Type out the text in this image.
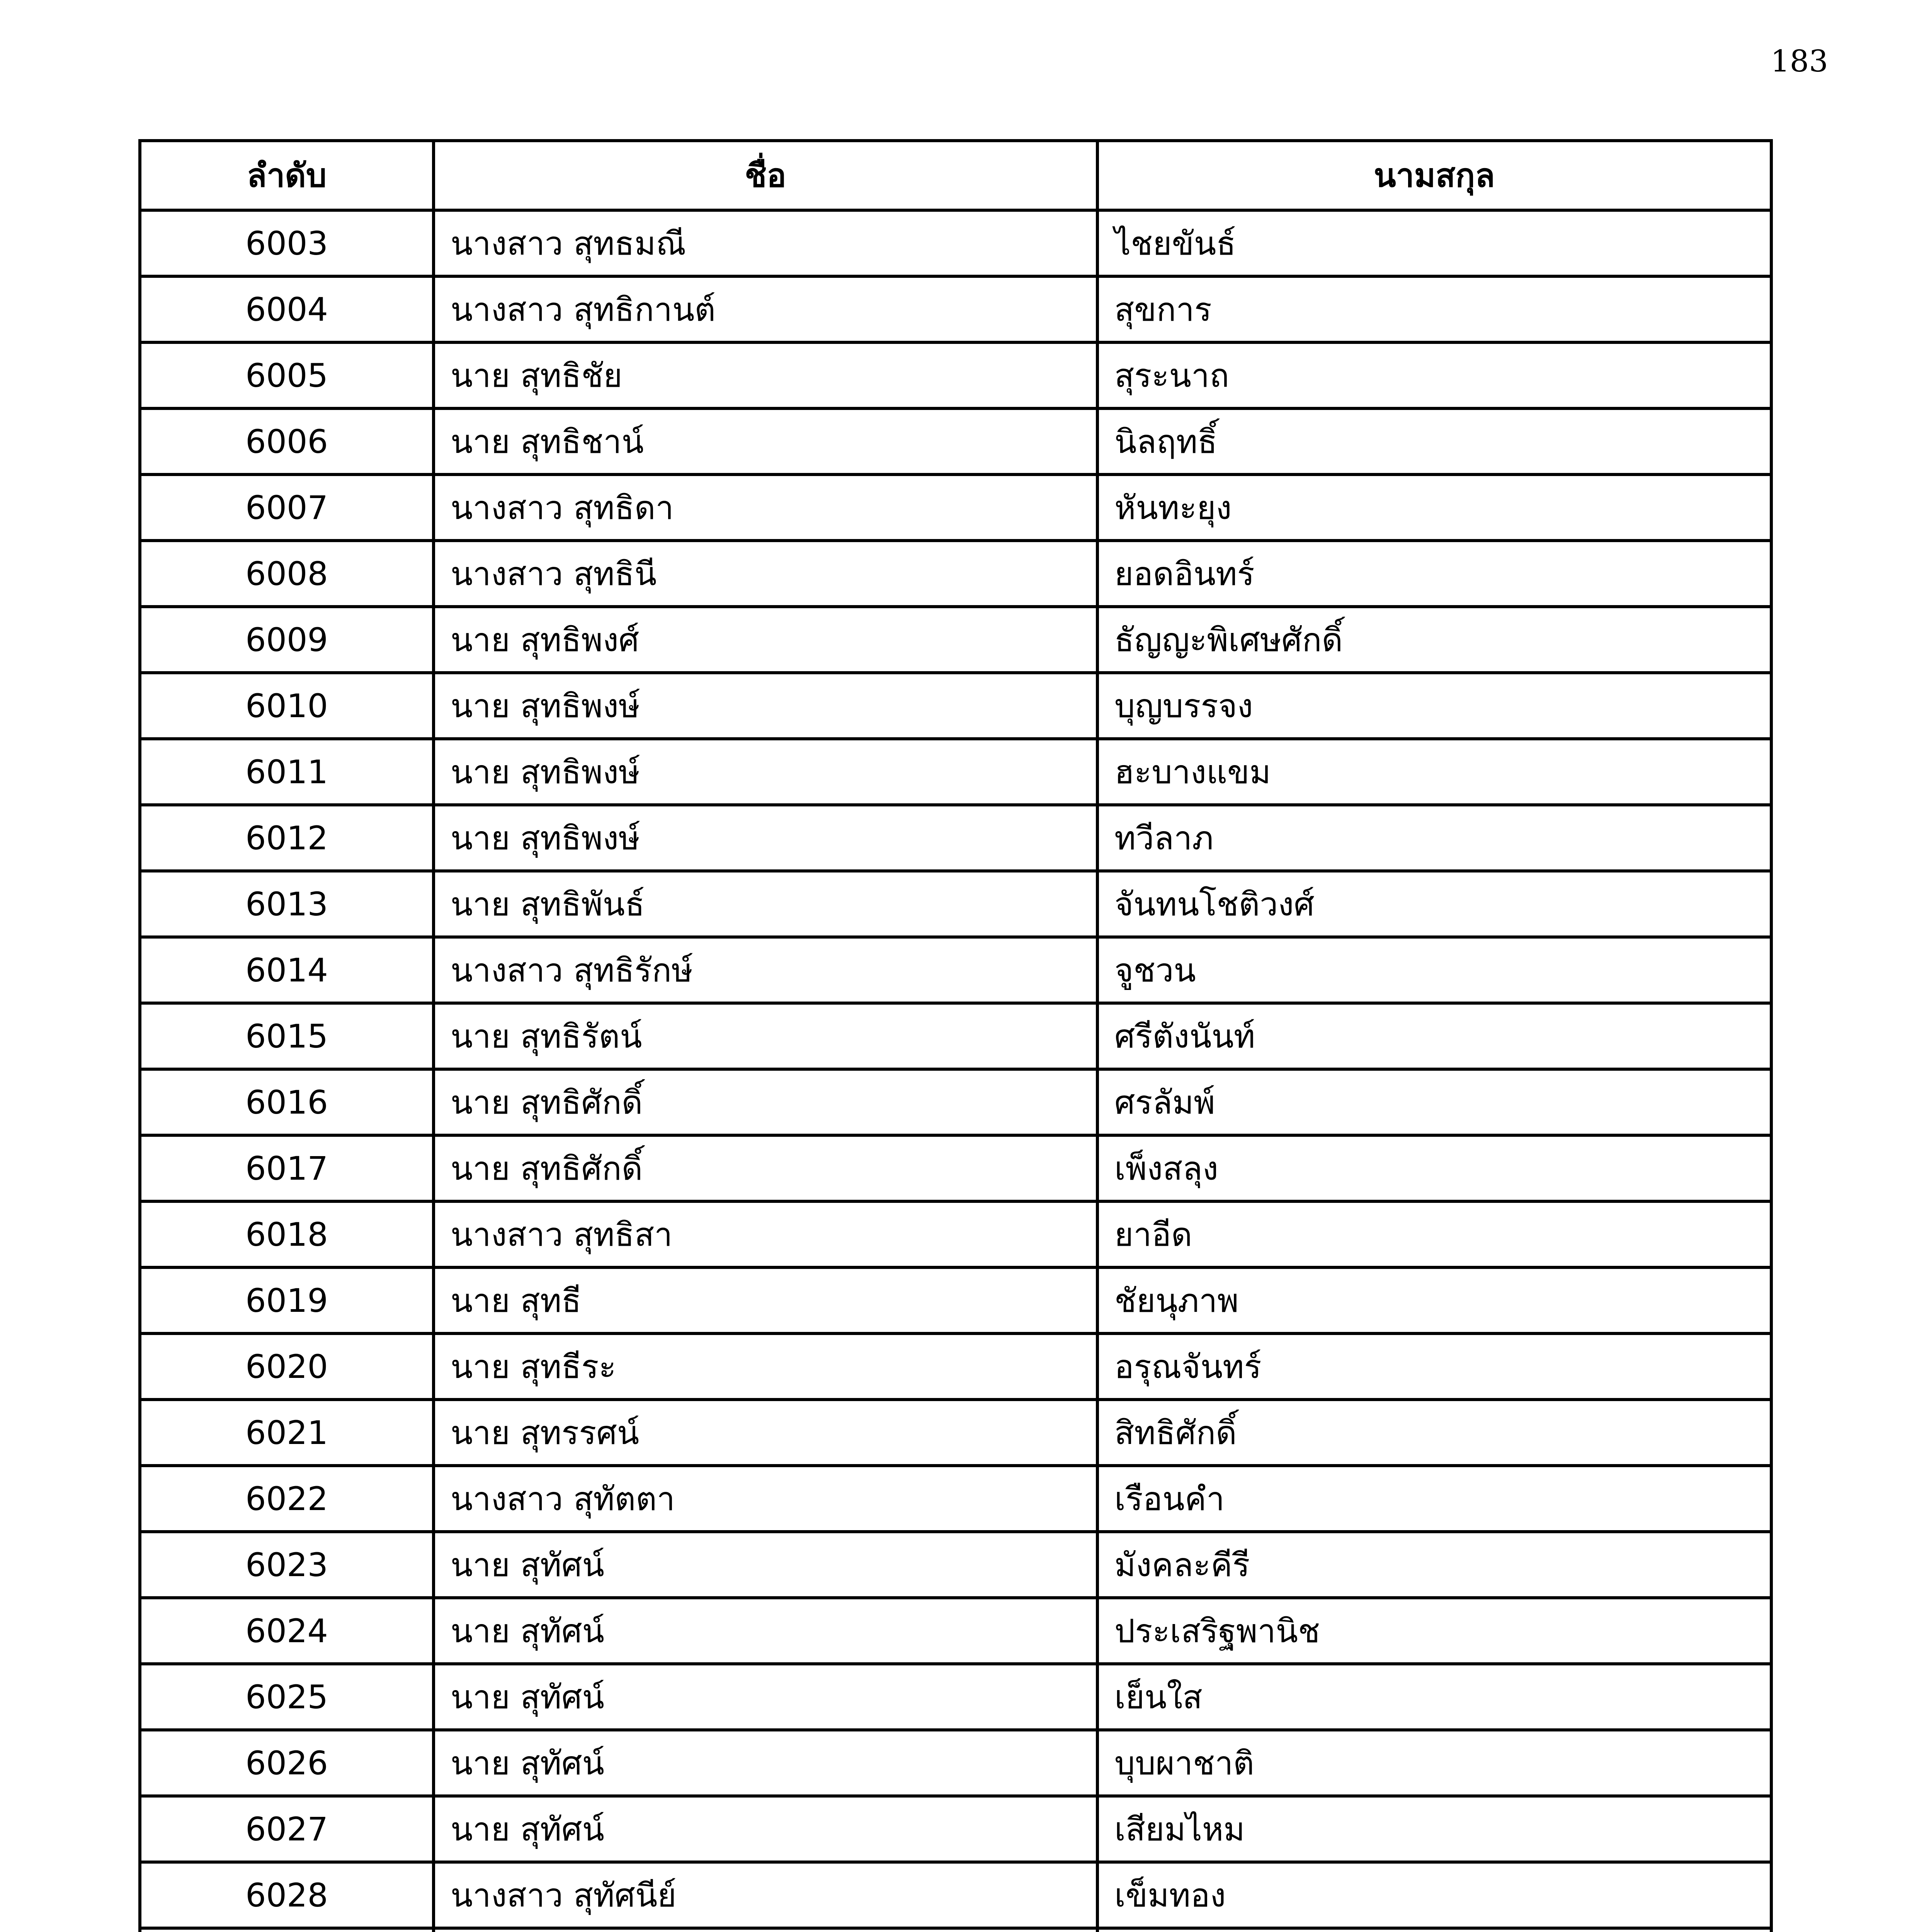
183
ลำดับ	ชื่อ	นามสกุล
6003	นางสาว สุทธมณี	ไชยขันธ์
6004	นางสาว สุทธิกานต์	สุขการ
6005	นาย สุทธิชัย	สุระนาถ
6006	นาย สุทธิชาน์	นิลฤทธิ์
6007	นางสาว สุทธิดา	หันทะยุง
6008	นางสาว สุทธินี	ยอดอินทร์
6009	นาย สุทธิพงศ์	ธัญญะพิเศษศักดิ์
6010	นาย สุทธิพงษ์	บุญบรรจง
6011	นาย สุทธิพงษ์	ฮะบางแขม
6012	นาย สุทธิพงษ์	ทวีลาภ
6013	นาย สุทธิพันธ์	จันทนโชติวงศ์
6014	นางสาว สุทธิรักษ์	จูชวน
6015	นาย สุทธิรัตน์	ศรีตังนันท์
6016	นาย สุทธิศักดิ์	ศรลัมพ์
6017	นาย สุทธิศักดิ์	เพ็งสลุง
6018	นางสาว สุทธิสา	ยาอีด
6019	นาย สุทธี	ชัยนุภาพ
6020	นาย สุทธีระ	อรุณจันทร์
6021	นาย สุทรรศน์	สิทธิศักดิ์
6022	นางสาว สุทัตตา	เรือนคำ
6023	นาย สุทัศน์	มังคละคีรี
6024	นาย สุทัศน์	ประเสริฐพานิช
6025	นาย สุทัศน์	เย็นใส
6026	นาย สุทัศน์	บุบผาชาติ
6027	นาย สุทัศน์	เสียมไหม
6028	นางสาว สุทัศนีย์	เข็มทอง
